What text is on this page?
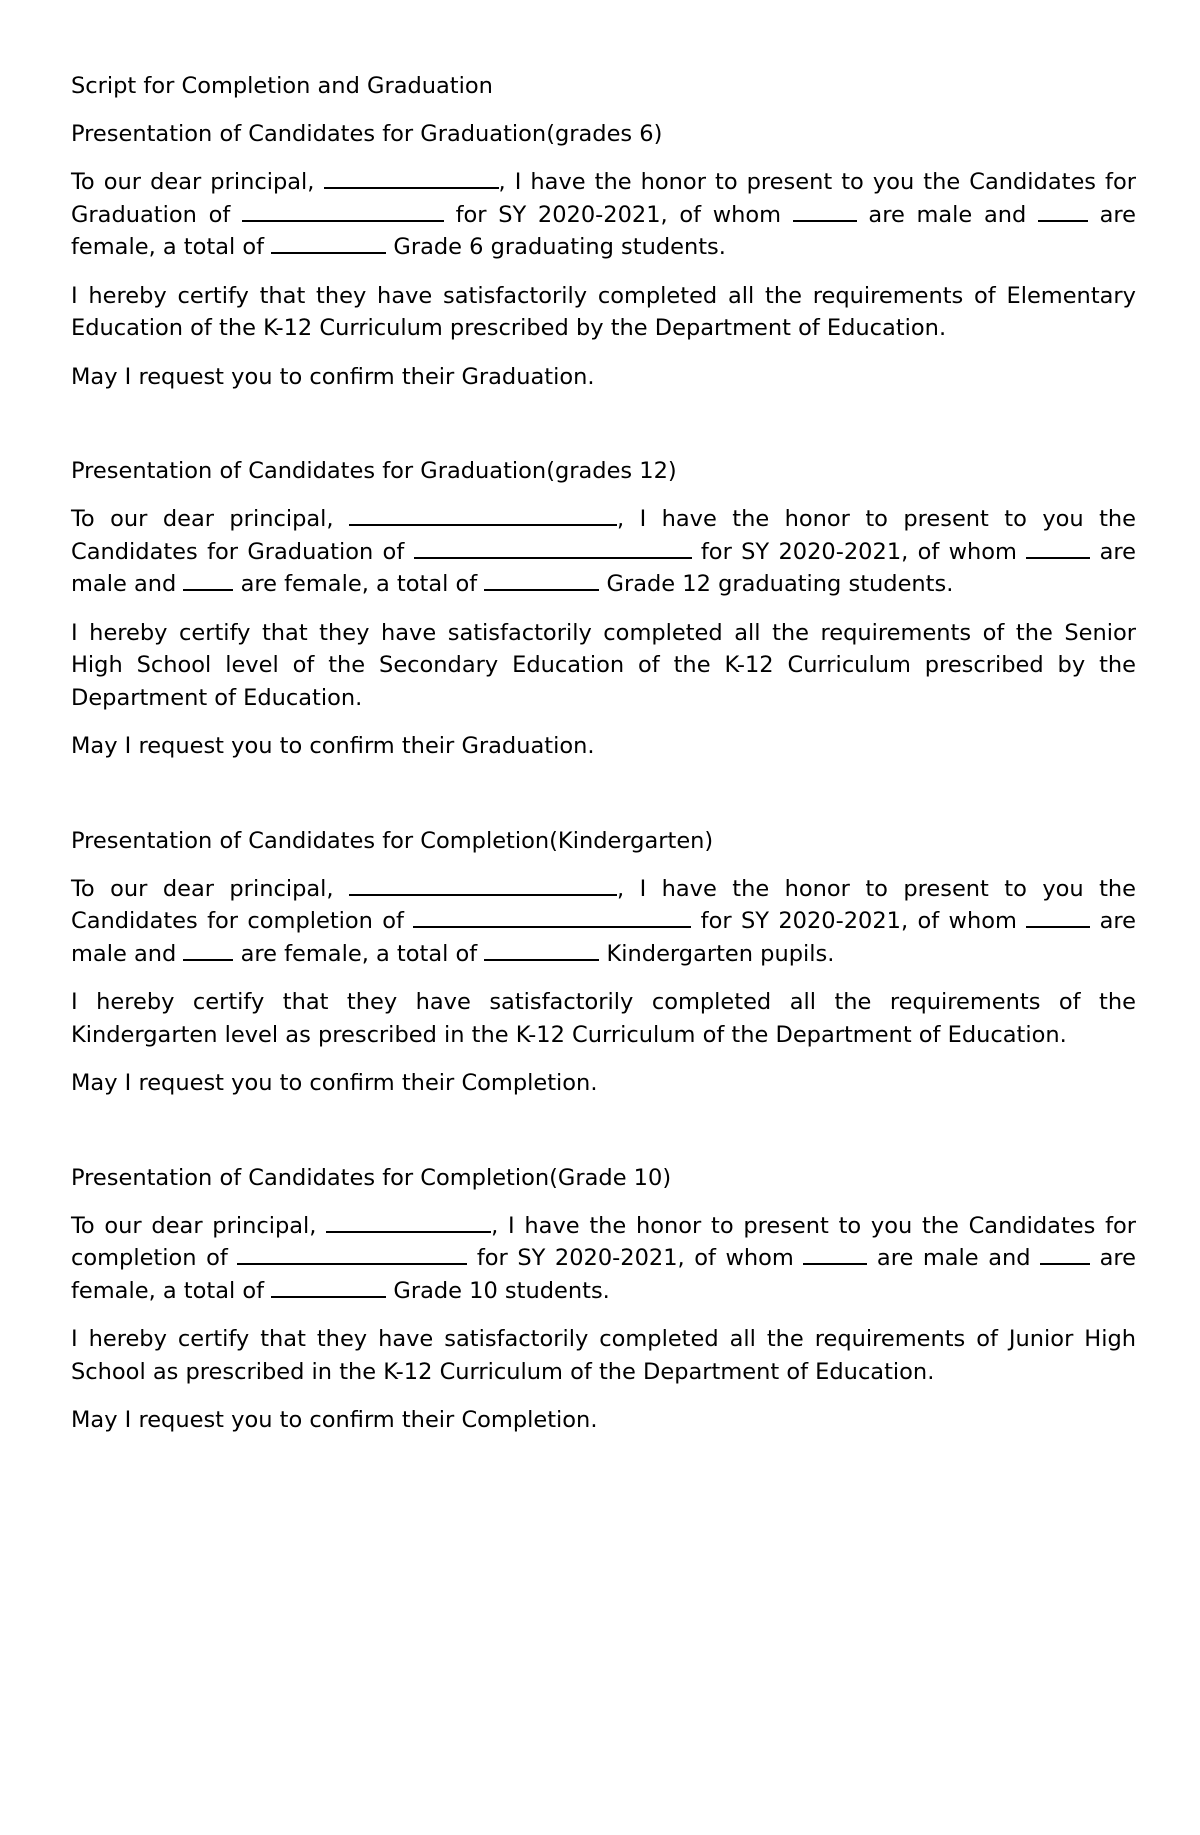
Script for Completion and Graduation
Presentation of Candidates for Graduation(grades 6)
To our dear principal,	, I have the honor to present to you the Candidates for Graduation of	for SY 2020-2021, of whom	are male and  are female, a total of	Grade 6 graduating students.
I hereby certify that they have satisfactorily completed all the requirements of Elementary Education of the K-12 Curriculum prescribed by the Department of Education.
May I request you to confirm their Graduation.
Presentation of Candidates for Graduation(grades 12)
To our dear principal,	, I have the honor to present to you the Candidates for Graduation of	for SY 2020-2021, of whom	are male and  are female, a total of	Grade 12 graduating students.
I hereby certify that they have satisfactorily completed all the requirements of the Senior High School level of the Secondary Education of the K-12 Curriculum prescribed by the Department of Education.
May I request you to confirm their Graduation.
Presentation of Candidates for Completion(Kindergarten)
To our dear principal,	, I have the honor to present to you the Candidates for completion of	for SY 2020-2021, of whom	are male and  are female, a total of	Kindergarten pupils.
I hereby certify that they have satisfactorily completed all the requirements of the Kindergarten level as prescribed in the K-12 Curriculum of the Department of Education.
May I request you to confirm their Completion.
Presentation of Candidates for Completion(Grade 10)
To our dear principal,	, I have the honor to present to you the Candidates for completion of	for SY 2020-2021, of whom	are male and  are female, a total of	Grade 10 students.
I hereby certify that they have satisfactorily completed all the requirements of Junior High School as prescribed in the K-12 Curriculum of the Department of Education.
May I request you to confirm their Completion.
